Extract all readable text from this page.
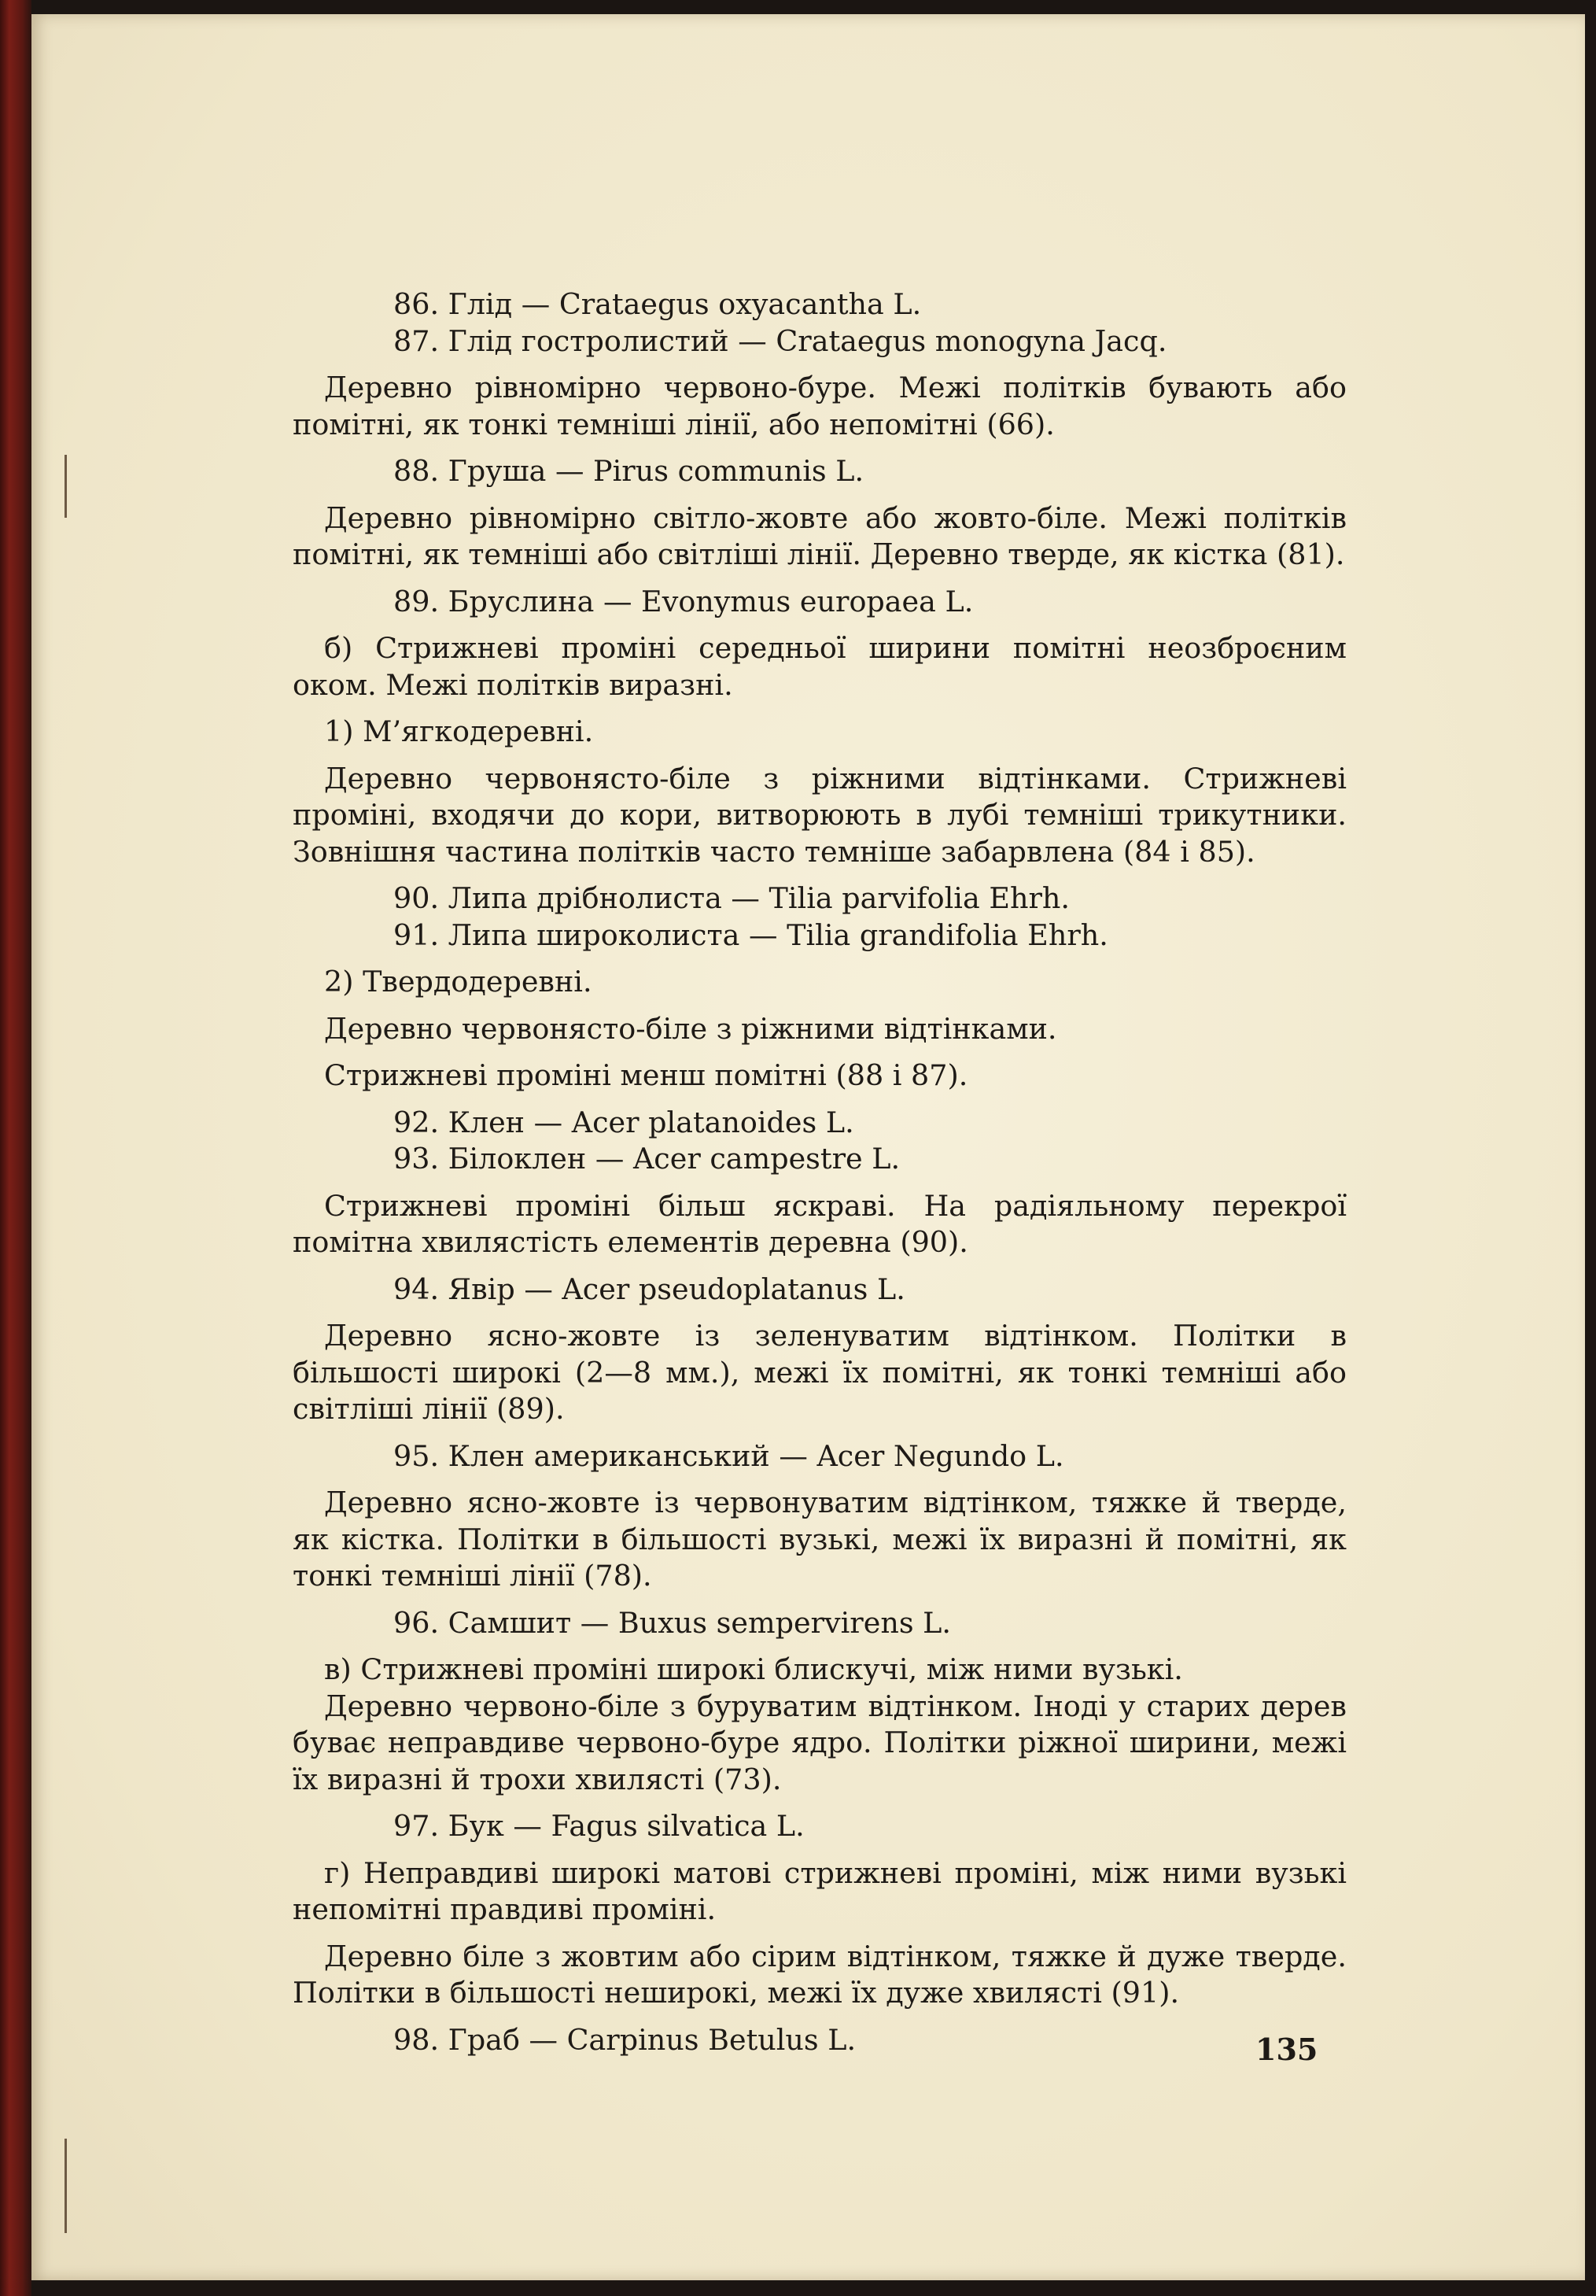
86. Глід — Crataegus oxyacantha L.
87. Глід гостролистий — Crataegus monogyna Jacq.
Деревно рівномірно червоно-буре. Межі політків бувають або помітні, як тонкі темніші лінії, або непомітні (66).
88. Груша — Pirus communis L.
Деревно рівномірно світло-жовте або жовто-біле. Межі політків помітні, як темніші або світліші лінії. Деревно тверде, як кістка (81).
89. Бруслина — Evonymus europaea L.
б) Стрижневі проміні середньої ширини помітні неозброєним оком. Межі політків виразні.
1) М’ягкодеревні.
Деревно червонясто-біле з ріжними відтінками. Стрижневі проміні, входячи до кори, витворюють в лубі темніші трикутники. Зовнішня частина політків часто темніше забарвлена (84 і 85).
90. Липа дрібнолиста — Tilia parvifolia Ehrh.
91. Липа широколиста — Tilia grandifolia Ehrh.
2) Твердодеревні.
Деревно червонясто-біле з ріжними відтінками.
Стрижневі проміні менш помітні (88 і 87).
92. Клен — Acer platanoides L.
93. Білоклен — Acer campestre L.
Стрижневі проміні більш яскраві. На радіяльному перекрої помітна хвилястість елементів деревна (90).
94. Явір — Acer pseudoplatanus L.
Деревно ясно-жовте із зеленуватим відтінком. Політки в більшості широкі (2—8 мм.), межі їх помітні, як тонкі темніші або світліші лінії (89).
95. Клен американський — Acer Negundo L.
Деревно ясно-жовте із червонуватим відтінком, тяжке й тверде, як кістка. Політки в більшості вузькі, межі їх виразні й помітні, як тонкі темніші лінії (78).
96. Самшит — Buxus sempervirens L.
в) Стрижневі проміні широкі блискучі, між ними вузькі.
Деревно червоно-біле з буруватим відтінком. Іноді у старих дерев буває неправдиве червоно-буре ядро. Політки ріжної ширини, межі їх виразні й трохи хвилясті (73).
97. Бук — Fagus silvatica L.
г) Неправдиві широкі матові стрижневі проміні, між ними вузькі непомітні правдиві проміні.
Деревно біле з жовтим або сірим відтінком, тяжке й дуже тверде. Політки в більшості неширокі, межі їх дуже хвилясті (91).
98. Граб — Carpinus Betulus L.	135
